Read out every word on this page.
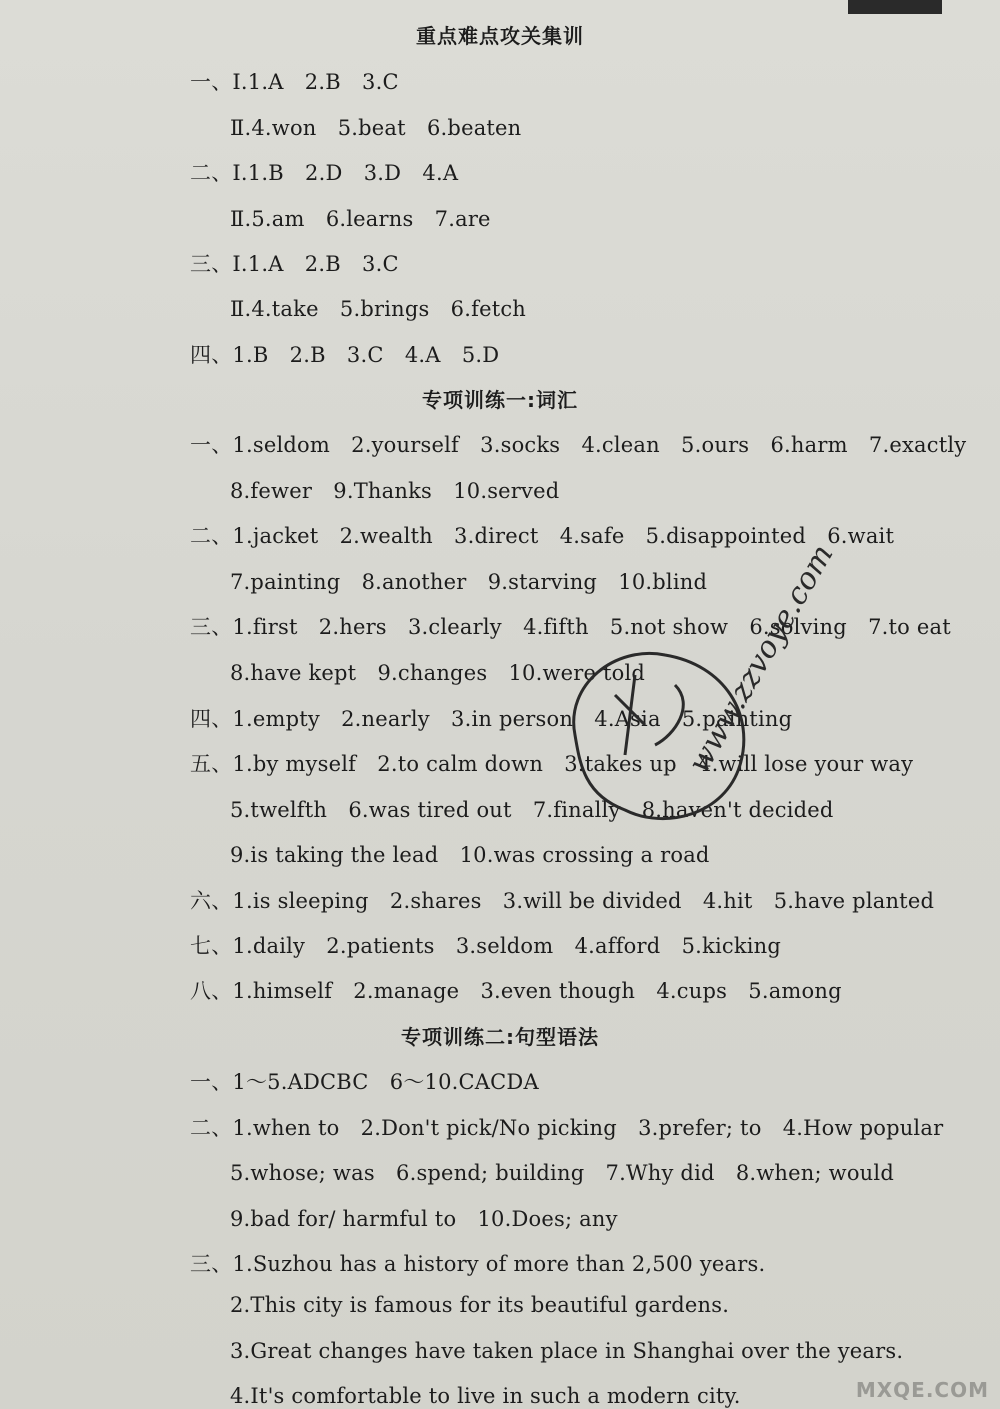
重点难点攻关集训
一、Ⅰ.1.A　2.B　3.C
Ⅱ.4.won　5.beat　6.beaten
二、Ⅰ.1.B　2.D　3.D　4.A
Ⅱ.5.am　6.learns　7.are
三、Ⅰ.1.A　2.B　3.C
Ⅱ.4.take　5.brings　6.fetch
四、1.B　2.B　3.C　4.A　5.D
专项训练一:词汇
一、1.seldom　2.yourself　3.socks　4.clean　5.ours　6.harm　7.exactly
8.fewer　9.Thanks　10.served
二、1.jacket　2.wealth　3.direct　4.safe　5.disappointed　6.wait
7.painting　8.another　9.starving　10.blind
三、1.first　2.hers　3.clearly　4.fifth　5.not show　6.solving　7.to eat
8.have kept　9.changes　10.were told
四、1.empty　2.nearly　3.in person　4.Asia　5.painting
五、1.by myself　2.to calm down　3.takes up　4.will lose your way
5.twelfth　6.was tired out　7.finally　8.haven't decided
9.is taking the lead　10.was crossing a road
六、1.is sleeping　2.shares　3.will be divided　4.hit　5.have planted
七、1.daily　2.patients　3.seldom　4.afford　5.kicking
八、1.himself　2.manage　3.even though　4.cups　5.among
专项训练二:句型语法
一、1～5.ADCBC　6～10.CACDA
二、1.when to　2.Don't pick/No picking　3.prefer; to　4.How popular
5.whose; was　6.spend; building　7.Why did　8.when; would
9.bad for/ harmful to　10.Does; any
三、1.Suzhou has a history of more than 2,500 years.
2.This city is famous for its beautiful gardens.
3.Great changes have taken place in Shanghai over the years.
4.It's comfortable to live in such a modern city.
www.zzvoye.com
MXQE.COM
